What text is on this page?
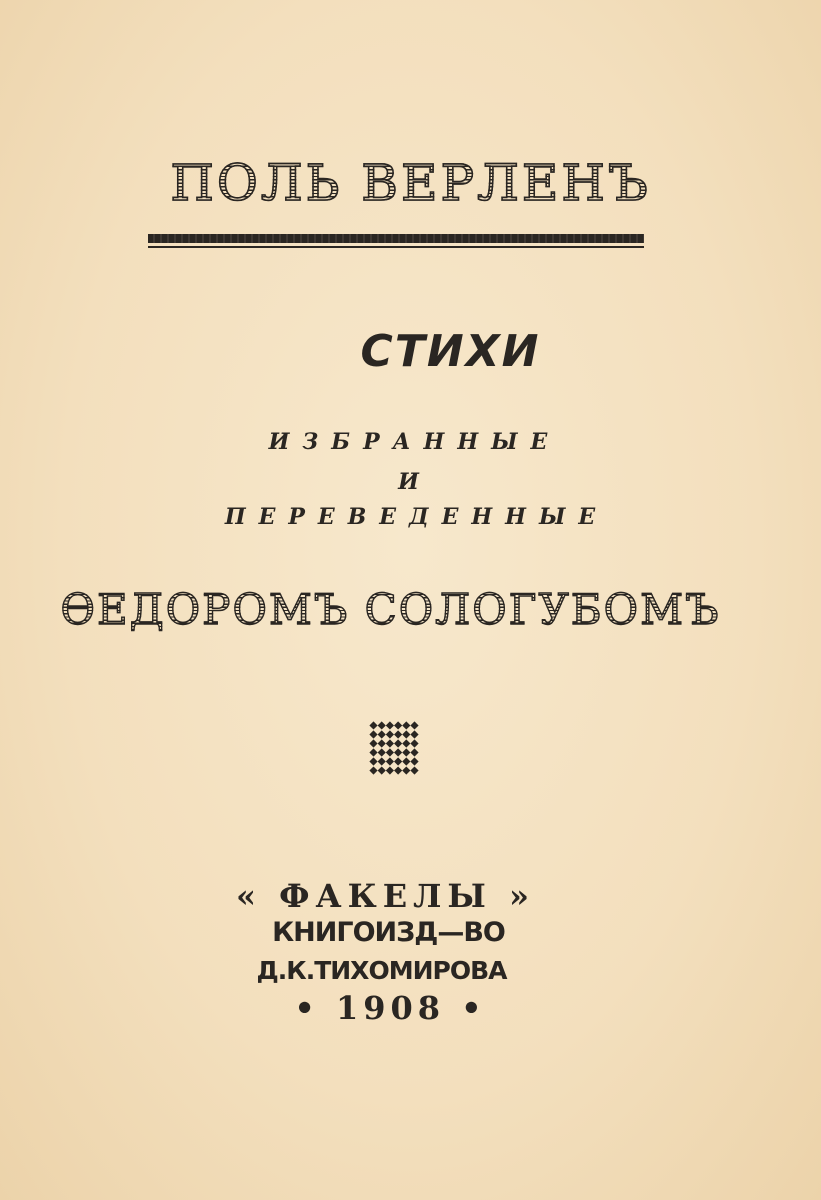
ПОЛЬ ВЕРЛЕНЪ
СТИХИ
ИЗБРАННЫЕ
И
ПЕРЕВЕДЕННЫЕ
ѲЕДОРОМЪ СОЛОГУБОМЪ
« ФАКЕЛЫ »
КНИГОИЗД—ВО
Д.К.ТИХОМИРОВА
• 1908 •
